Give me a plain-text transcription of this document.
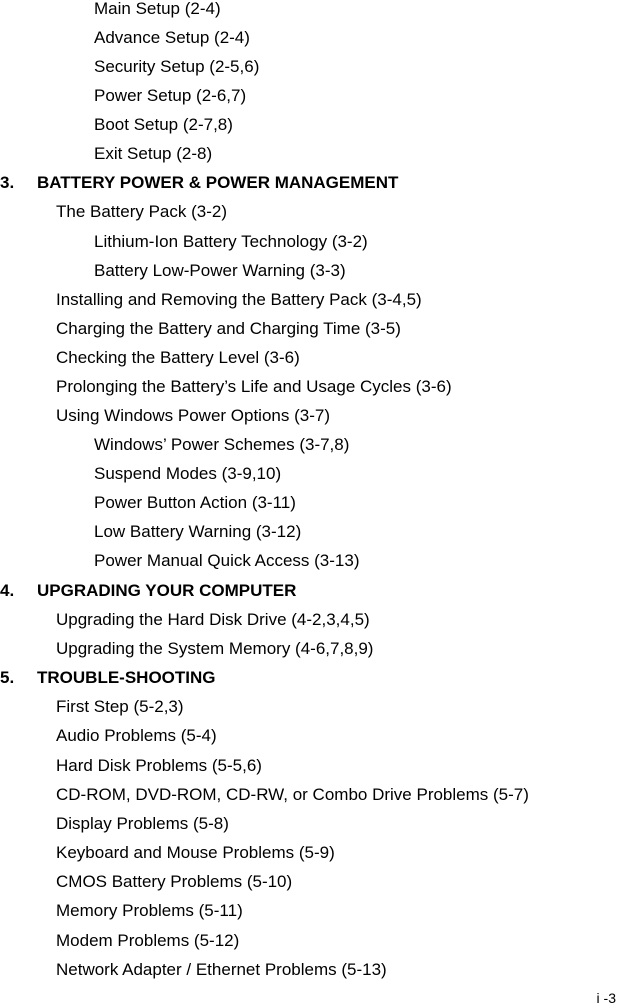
Main Setup (2-4)
Advance Setup (2-4)
Security Setup (2-5,6)
Power Setup (2-6,7)
Boot Setup (2-7,8)
Exit Setup (2-8)
3. BATTERY POWER & POWER MANAGEMENT
The Battery Pack (3-2)
Lithium-Ion Battery Technology (3-2)
Battery Low-Power Warning (3-3)
Installing and Removing the Battery Pack (3-4,5)
Charging the Battery and Charging Time (3-5)
Checking the Battery Level (3-6)
Prolonging the Battery’s Life and Usage Cycles (3-6)
Using Windows Power Options (3-7)
Windows’ Power Schemes (3-7,8)
Suspend Modes (3-9,10)
Power Button Action (3-11)
Low Battery Warning (3-12)
Power Manual Quick Access (3-13)
4. UPGRADING YOUR COMPUTER
Upgrading the Hard Disk Drive (4-2,3,4,5)
Upgrading the System Memory (4-6,7,8,9)
5. TROUBLE-SHOOTING
First Step (5-2,3)
Audio Problems (5-4)
Hard Disk Problems (5-5,6)
CD-ROM, DVD-ROM, CD-RW, or Combo Drive Problems (5-7)
Display Problems (5-8)
Keyboard and Mouse Problems (5-9)
CMOS Battery Problems (5-10)
Memory Problems (5-11)
Modem Problems (5-12)
Network Adapter / Ethernet Problems (5-13)
i -3
